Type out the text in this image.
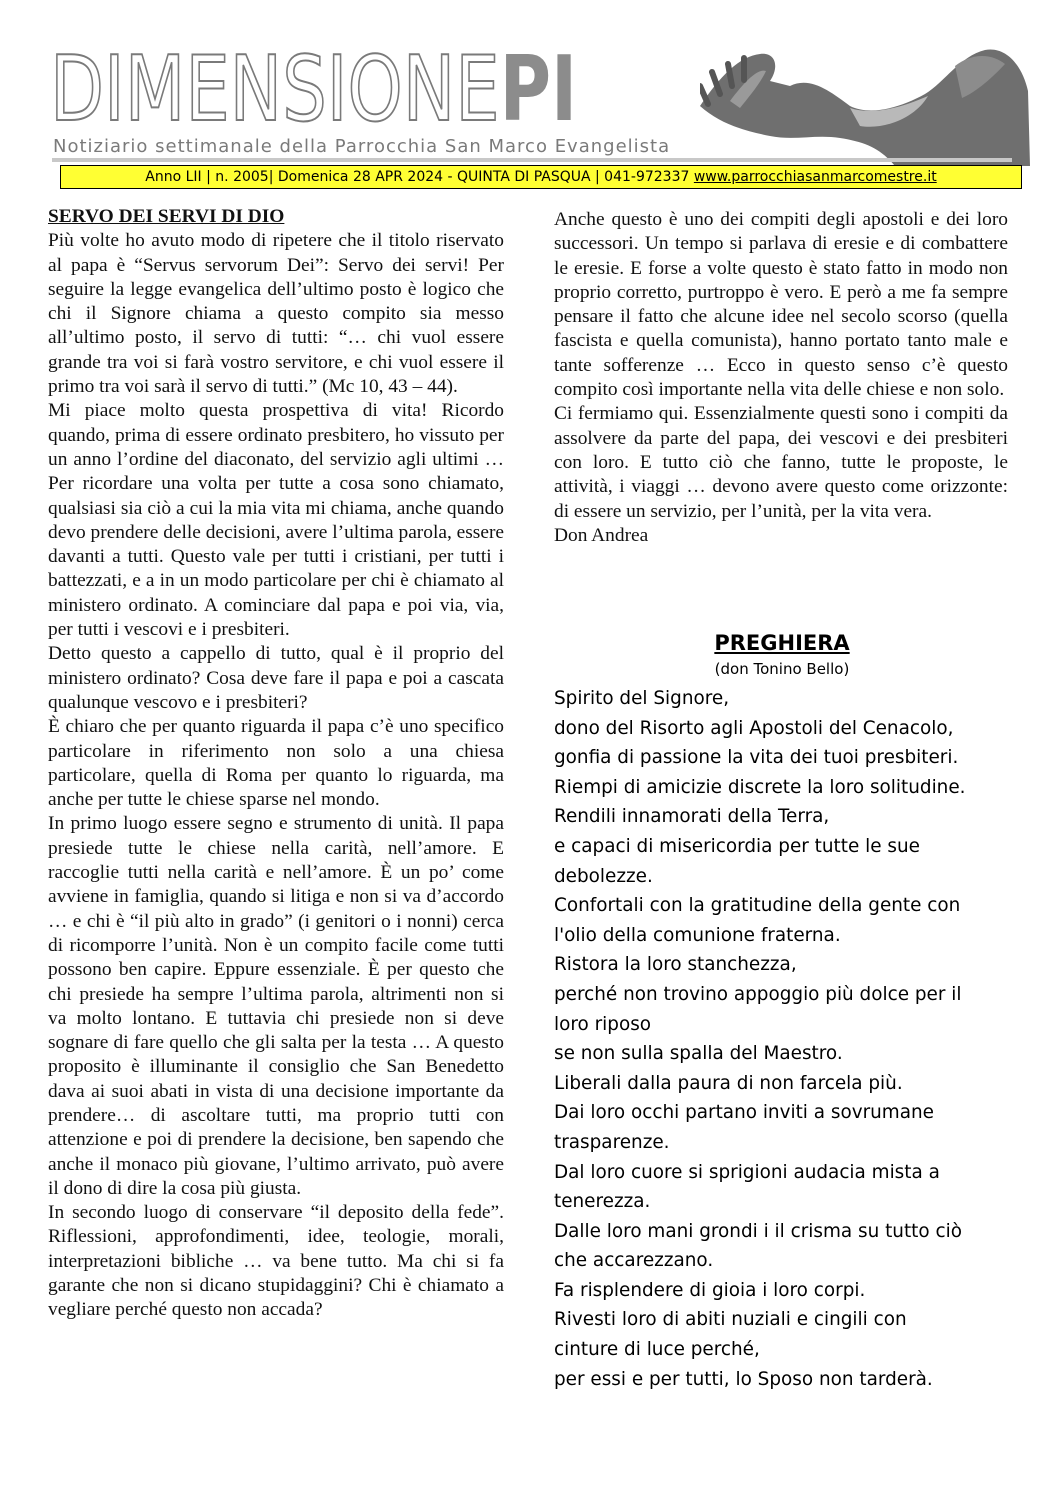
DIMENSIONEPI
Notiziario settimanale della Parrocchia San Marco Evangelista
Anno LII | n. 2005| Domenica 28 APR 2024 - QUINTA DI PASQUA | 041-972337 www.parrocchiasanmarcomestre.it

SERVO DEI SERVI DI DIO

Più volte ho avuto modo di ripetere che il titolo riservato al papa è “Servus servorum Dei”: Servo dei servi! Per seguire la legge evangelica dell’ultimo posto è logico che chi il Signore chiama a questo compito sia messo all’ultimo posto, il servo di tutti: “… chi vuol essere grande tra voi si farà vostro servitore, e chi vuol essere il primo tra voi sarà il servo di tutti.” (Mc 10, 43 – 44).

Mi piace molto questa prospettiva di vita! Ricordo quando, prima di essere ordinato presbitero, ho vissuto per un anno l’ordine del diaconato, del servizio agli ultimi … Per ricordare una volta per tutte a cosa sono chiamato, qualsiasi sia ciò a cui la mia vita mi chiama, anche quando devo prendere delle decisioni, avere l’ultima parola, essere davanti a tutti. Questo vale per tutti i cristiani, per tutti i battezzati, e a in un modo particolare per chi è chiamato al ministero ordinato. A cominciare dal papa e poi via, via, per tutti i vescovi e i presbiteri.

Detto questo a cappello di tutto, qual è il proprio del ministero ordinato? Cosa deve fare il papa e poi a cascata qualunque vescovo e i presbiteri?

È chiaro che per quanto riguarda il papa c’è uno specifico particolare in riferimento non solo a una chiesa particolare, quella di Roma per quanto lo riguarda, ma anche per tutte le chiese sparse nel mondo.

In primo luogo essere segno e strumento di unità. Il papa presiede tutte le chiese nella carità, nell’amore. E raccoglie tutti nella carità e nell’amore. È un po’ come avviene in famiglia, quando si litiga e non si va d’accordo … e chi è “il più alto in grado” (i genitori o i nonni) cerca di ricomporre l’unità. Non è un compito facile come tutti possono ben capire. Eppure essenziale. È per questo che chi presiede ha sempre l’ultima parola, altrimenti non si va molto lontano. E tuttavia chi presiede non si deve sognare di fare quello che gli salta per la testa … A questo proposito è illuminante il consiglio che San Benedetto dava ai suoi abati in vista di una decisione importante da prendere… di ascoltare tutti, ma proprio tutti con attenzione e poi di prendere la decisione, ben sapendo che anche il monaco più giovane, l’ultimo arrivato, può avere il dono di dire la cosa più giusta.

In secondo luogo di conservare “il deposito della fede”. Riflessioni, approfondimenti, idee, teologie, morali, interpretazioni bibliche … va bene tutto. Ma chi si fa garante che non si dicano stupidaggini? Chi è chiamato a vegliare perché questo non accada?

Anche questo è uno dei compiti degli apostoli e dei loro successori. Un tempo si parlava di eresie e di combattere le eresie. E forse a volte questo è stato fatto in modo non proprio corretto, purtroppo è vero. E però a me fa sempre pensare il fatto che alcune idee nel secolo scorso (quella fascista e quella comunista), hanno portato tanto male e tante sofferenze … Ecco in questo senso c’è questo compito così importante nella vita delle chiese e non solo.

Ci fermiamo qui. Essenzialmente questi sono i compiti da assolvere da parte del papa, dei vescovi e dei presbiteri con loro. E tutto ciò che fanno, tutte le proposte, le attività, i viaggi … devono avere questo come orizzonte: di essere un servizio, per l’unità, per la vita vera.

Don Andrea

PREGHIERA

(don Tonino Bello)

Spirito del Signore,
dono del Risorto agli Apostoli del Cenacolo,
gonfia di passione la vita dei tuoi presbiteri.
Riempi di amicizie discrete la loro solitudine.
Rendili innamorati della Terra,
e capaci di misericordia per tutte le sue
debolezze.
Confortali con la gratitudine della gente con
l'olio della comunione fraterna.
Ristora la loro stanchezza,
perché non trovino appoggio più dolce per il
loro riposo
se non sulla spalla del Maestro.
Liberali dalla paura di non farcela più.
Dai loro occhi partano inviti a sovrumane
trasparenze.
Dal loro cuore si sprigioni audacia mista a
tenerezza.
Dalle loro mani grondi i il crisma su tutto ciò
che accarezzano.
Fa risplendere di gioia i loro corpi.
Rivesti loro di abiti nuziali e cingili con
cinture di luce perché,
per essi e per tutti, lo Sposo non tarderà.
